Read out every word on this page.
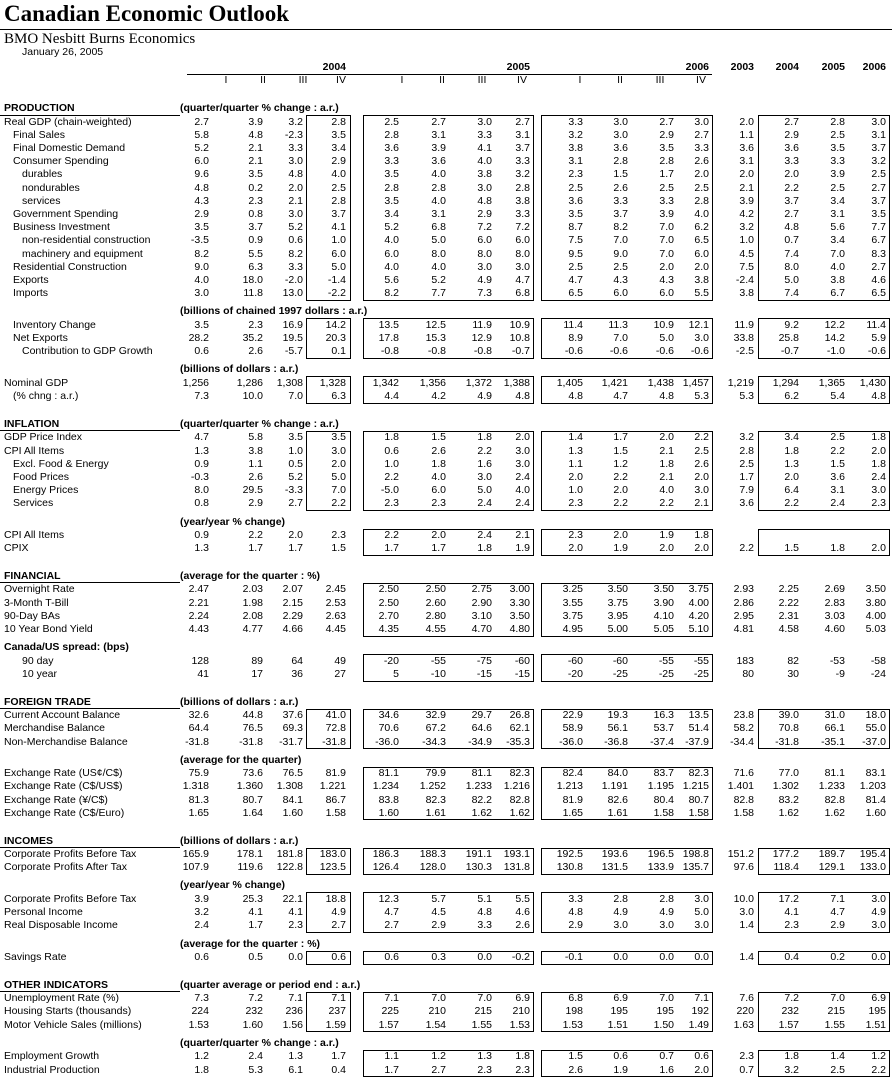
Canadian Economic Outlook
BMO Nesbitt Burns Economics
January 26, 2005
2004	2005	2006	2003	2004	2005	2006
I	II	III	IV	I	II	III	IV	I	II	III	IV
PRODUCTION	(quarter/quarter % change : a.r.)
Real GDP (chain-weighted)	2.7	3.9	3.2	2.8	2.5	2.7	3.0	2.7	3.3	3.0	2.7	3.0	2.0	2.7	2.8	3.0
Final Sales	5.8	4.8	-2.3	3.5	2.8	3.1	3.3	3.1	3.2	3.0	2.9	2.7	1.1	2.9	2.5	3.1
Final Domestic Demand	5.2	2.1	3.3	3.4	3.6	3.9	4.1	3.7	3.8	3.6	3.5	3.3	3.6	3.6	3.5	3.7
Consumer Spending	6.0	2.1	3.0	2.9	3.3	3.6	4.0	3.3	3.1	2.8	2.8	2.6	3.1	3.3	3.3	3.2
durables	9.6	3.5	4.8	4.0	3.5	4.0	3.8	3.2	2.3	1.5	1.7	2.0	2.0	2.0	3.9	2.5
nondurables	4.8	0.2	2.0	2.5	2.8	2.8	3.0	2.8	2.5	2.6	2.5	2.5	2.1	2.2	2.5	2.7
services	4.3	2.3	2.1	2.8	3.5	4.0	4.8	3.8	3.6	3.3	3.3	2.8	3.9	3.7	3.4	3.7
Government Spending	2.9	0.8	3.0	3.7	3.4	3.1	2.9	3.3	3.5	3.7	3.9	4.0	4.2	2.7	3.1	3.5
Business Investment	3.5	3.7	5.2	4.1	5.2	6.8	7.2	7.2	8.7	8.2	7.0	6.2	3.2	4.8	5.6	7.7
non-residential construction	-3.5	0.9	0.6	1.0	4.0	5.0	6.0	6.0	7.5	7.0	7.0	6.5	1.0	0.7	3.4	6.7
machinery and equipment	8.2	5.5	8.2	6.0	6.0	8.0	8.0	8.0	9.5	9.0	7.0	6.0	4.5	7.4	7.0	8.3
Residential Construction	9.0	6.3	3.3	5.0	4.0	4.0	3.0	3.0	2.5	2.5	2.0	2.0	7.5	8.0	4.0	2.7
Exports	4.0	18.0	-2.0	-1.4	5.6	5.2	4.9	4.7	4.7	4.3	4.3	3.8	-2.4	5.0	3.8	4.6
Imports	3.0	11.8	13.0	-2.2	8.2	7.7	7.3	6.8	6.5	6.0	6.0	5.5	3.8	7.4	6.7	6.5
(billions of chained 1997 dollars : a.r.)
Inventory Change	3.5	2.3	16.9	14.2	13.5	12.5	11.9	10.9	11.4	11.3	10.9	12.1	11.9	9.2	12.2	11.4
Net Exports	28.2	35.2	19.5	20.3	17.8	15.3	12.9	10.8	8.9	7.0	5.0	3.0	33.8	25.8	14.2	5.9
Contribution to GDP Growth	0.6	2.6	-5.7	0.1	-0.8	-0.8	-0.8	-0.7	-0.6	-0.6	-0.6	-0.6	-2.5	-0.7	-1.0	-0.6
(billions of dollars : a.r.)
Nominal GDP	1,256	1,286	1,308	1,328	1,342	1,356	1,372	1,388	1,405	1,421	1,438 1,457	1,219	1,294	1,365	1,430
(% chng : a.r.)	7.3	10.0	7.0	6.3	4.4	4.2	4.9	4.8	4.8	4.7	4.8	5.3	5.3	6.2	5.4	4.8
INFLATION	(quarter/quarter % change : a.r.)
GDP Price Index	4.7	5.8	3.5	3.5	1.8	1.5	1.8	2.0	1.4	1.7	2.0	2.2	3.2	3.4	2.5	1.8
CPI All Items	1.3	3.8	1.0	3.0	0.6	2.6	2.2	3.0	1.3	1.5	2.1	2.5	2.8	1.8	2.2	2.0
Excl. Food & Energy	0.9	1.1	0.5	2.0	1.0	1.8	1.6	3.0	1.1	1.2	1.8	2.6	2.5	1.3	1.5	1.8
Food Prices	-0.3	2.6	5.2	5.0	2.2	4.0	3.0	2.4	2.0	2.2	2.1	2.0	1.7	2.0	3.6	2.4
Energy Prices	8.0	29.5	-3.3	7.0	-5.0	6.0	5.0	4.0	1.0	2.0	4.0	3.0	7.9	6.4	3.1	3.0
Services	0.8	2.9	2.7	2.2	2.3	2.3	2.4	2.4	2.3	2.2	2.2	2.1	3.6	2.2	2.4	2.3
(year/year % change)
CPI All Items	0.9	2.2	2.0	2.3	2.2	2.0	2.4	2.1	2.3	2.0	1.9	1.8
CPIX	1.3	1.7	1.7	1.5	1.7	1.7	1.8	1.9	2.0	1.9	2.0	2.0	2.2	1.5	1.8	2.0
FINANCIAL	(average for the quarter : %)
Overnight Rate	2.47	2.03	2.07	2.45	2.50	2.50	2.75	3.00	3.25	3.50	3.50	3.75	2.93	2.25	2.69	3.50
3-Month T-Bill	2.21	1.98	2.15	2.53	2.50	2.60	2.90	3.30	3.55	3.75	3.90	4.00	2.86	2.22	2.83	3.80
90-Day BAs	2.24	2.08	2.29	2.63	2.70	2.80	3.10	3.50	3.75	3.95	4.10	4.20	2.95	2.31	3.03	4.00
10 Year Bond Yield	4.43	4.77	4.66	4.45	4.35	4.55	4.70	4.80	4.95	5.00	5.05	5.10	4.81	4.58	4.60	5.03
Canada/US spread: (bps)
90 day	128	89	64	49	-20	-55	-75	-60	-60	-60	-55	-55	183	82	-53	-58
10 year	41	17	36	27	5	-10	-15	-15	-20	-25	-25	-25	80	30	-9	-24
FOREIGN TRADE	(billions of dollars : a.r.)
Current Account Balance	32.6	44.8	37.6	41.0	34.6	32.9	29.7	26.8	22.9	19.3	16.3	13.5	23.8	39.0	31.0	18.0
Merchandise Balance	64.4	76.5	69.3	72.8	70.6	67.2	64.6	62.1	58.9	56.1	53.7	51.4	58.2	70.8	66.1	55.0
Non-Merchandise Balance	-31.8	-31.8	-31.7	-31.8	-36.0	-34.3	-34.9	-35.3	-36.0	-36.8	-37.4	-37.9	-34.4	-31.8	-35.1	-37.0
(average for the quarter)
Exchange Rate (US¢/C$)	75.9	73.6	76.5	81.9	81.1	79.9	81.1	82.3	82.4	84.0	83.7	82.3	71.6	77.0	81.1	83.1
Exchange Rate (C$/US$)	1.318	1.360	1.308	1.221	1.234	1.252	1.233	1.216	1.213	1.191	1.195 1.215	1.401	1.302	1.233	1.203
Exchange Rate (¥/C$)	81.3	80.7	84.1	86.7	83.8	82.3	82.2	82.8	81.9	82.6	80.4	80.7	82.8	83.2	82.8	81.4
Exchange Rate (C$/Euro)	1.65	1.64	1.60	1.58	1.60	1.61	1.62	1.62	1.65	1.61	1.58	1.58	1.58	1.62	1.62	1.60
INCOMES	(billions of dollars : a.r.)
Corporate Profits Before Tax	165.9	178.1	181.8	183.0	186.3	188.3	191.1	193.1	192.5	193.6	196.5 198.8	151.2	177.2	189.7	195.4
Corporate Profits After Tax	107.9	119.6	122.8	123.5	126.4	128.0	130.3	131.8	130.8	131.5	133.9 135.7	97.6	118.4	129.1	133.0
(year/year % change)
Corporate Profits Before Tax	3.9	25.3	22.1	18.8	12.3	5.7	5.1	5.5	3.3	2.8	2.8	3.0	10.0	17.2	7.1	3.0
Personal Income	3.2	4.1	4.1	4.9	4.7	4.5	4.8	4.6	4.8	4.9	4.9	5.0	3.0	4.1	4.7	4.9
Real Disposable Income	2.4	1.7	2.3	2.7	2.7	2.9	3.3	2.6	2.9	3.0	3.0	3.0	1.4	2.3	2.9	3.0
(average for the quarter : %)
Savings Rate	0.6	0.5	0.0	0.6	0.6	0.3	0.0	-0.2	-0.1	0.0	0.0	0.0	1.4	0.4	0.2	0.0
OTHER INDICATORS	(quarter average or period end : a.r.)
Unemployment Rate (%)	7.3	7.2	7.1	7.1	7.1	7.0	7.0	6.9	6.8	6.9	7.0	7.1	7.6	7.2	7.0	6.9
Housing Starts (thousands)	224	232	236	237	225	210	215	210	198	195	195	192	220	232	215	195
Motor Vehicle Sales (millions)	1.53	1.60	1.56	1.59	1.57	1.54	1.55	1.53	1.53	1.51	1.50	1.49	1.63	1.57	1.55	1.51
(quarter/quarter % change : a.r.)
Employment Growth	1.2	2.4	1.3	1.7	1.1	1.2	1.3	1.8	1.5	0.6	0.7	0.6	2.3	1.8	1.4	1.2
Industrial Production	1.8	5.3	6.1	0.4	1.7	2.7	2.3	2.3	2.6	1.9	1.6	2.0	0.7	3.2	2.5	2.2
